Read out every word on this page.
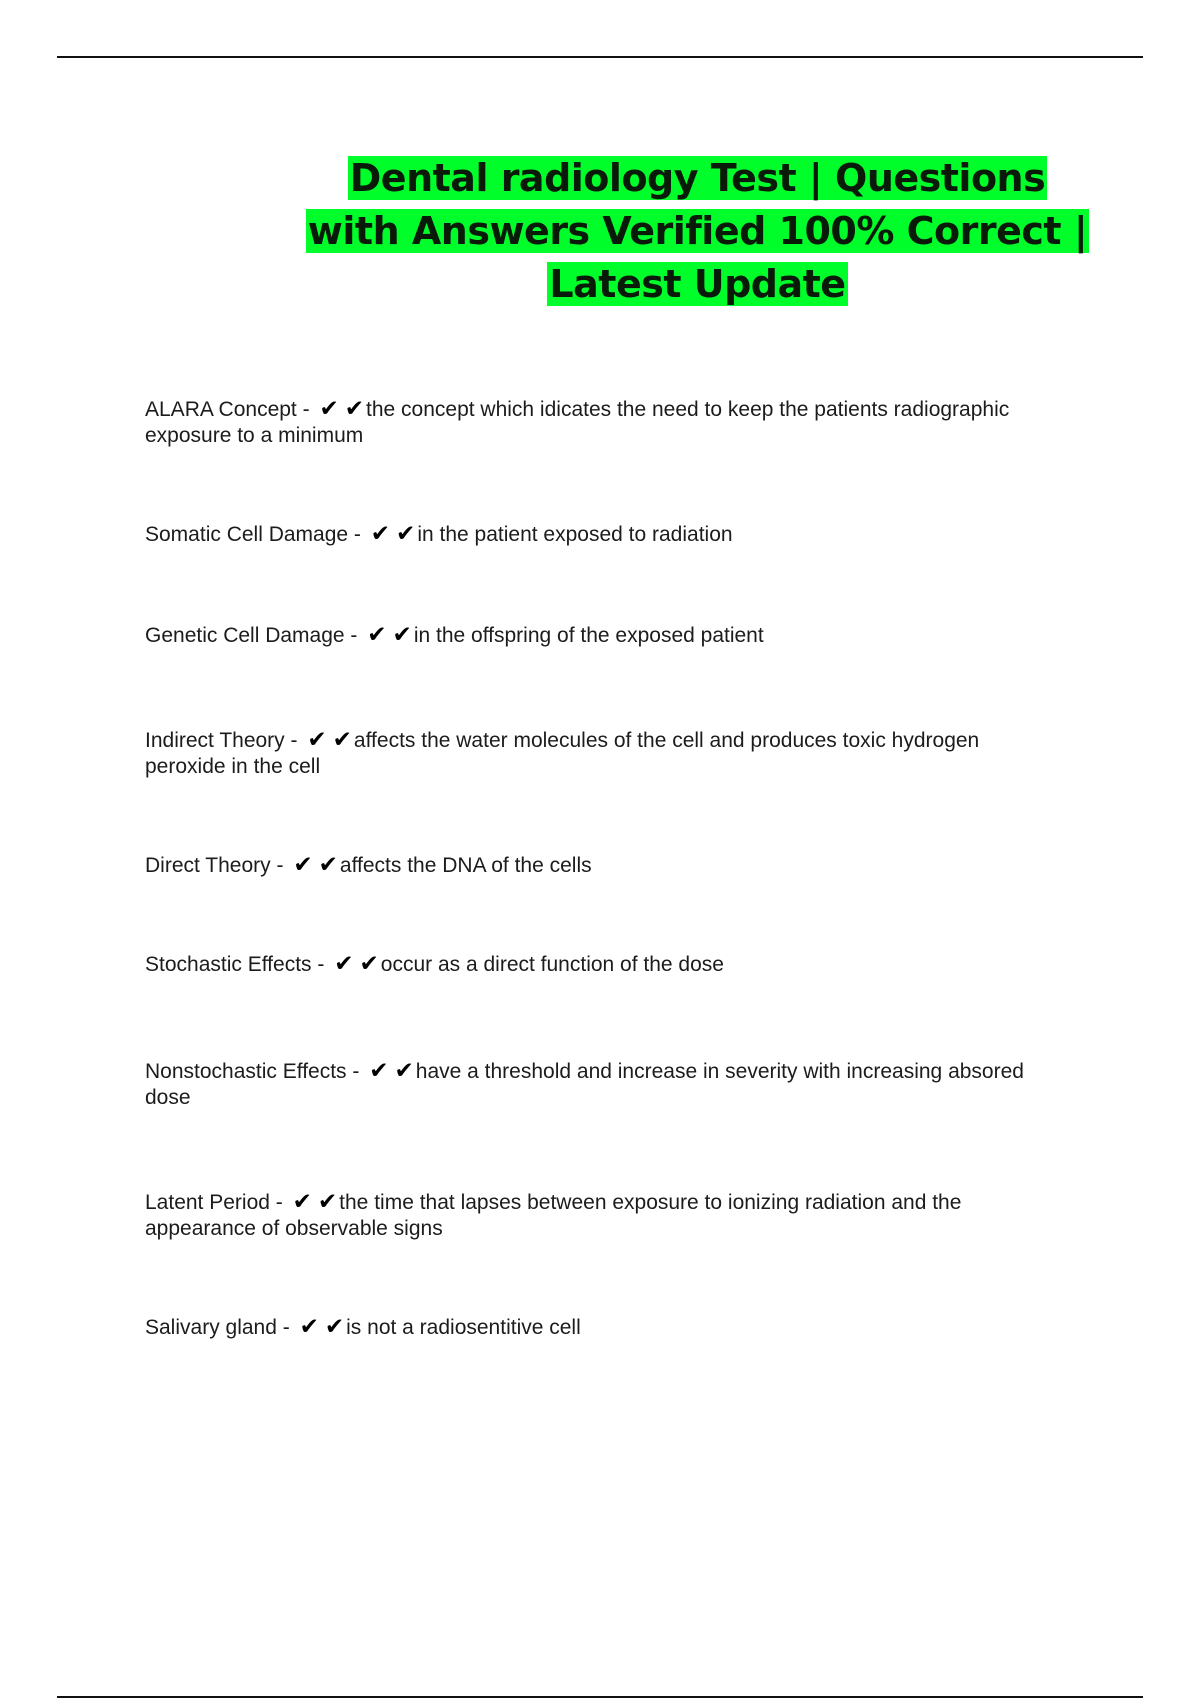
Dental radiology Test | Questions with Answers Verified 100% Correct | Latest Update
ALARA Concept - ✔ ✔the concept which idicates the need to keep the patients radiographic exposure to a minimum
Somatic Cell Damage - ✔ ✔in the patient exposed to radiation
Genetic Cell Damage - ✔ ✔in the offspring of the exposed patient
Indirect Theory - ✔ ✔affects the water molecules of the cell and produces toxic hydrogen peroxide in the cell
Direct Theory - ✔ ✔affects the DNA of the cells
Stochastic Effects - ✔ ✔occur as a direct function of the dose
Nonstochastic Effects - ✔ ✔have a threshold and increase in severity with increasing absored dose
Latent Period - ✔ ✔the time that lapses between exposure to ionizing radiation and the appearance of observable signs
Salivary gland - ✔ ✔is not a radiosentitive cell
